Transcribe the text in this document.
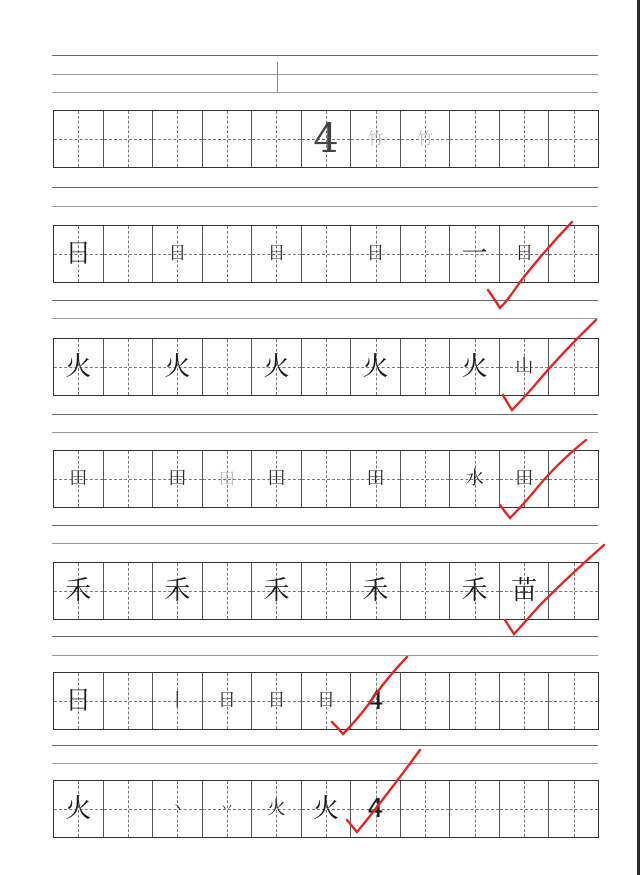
4	竹	竹
日	日	日	日	一	日
火	火	火	火	火	山
田	田	田	田	田	水	田
禾	禾	禾	禾	禾 苗
日	丨	日	日	日	4
火	丶	丷	火	火	4
